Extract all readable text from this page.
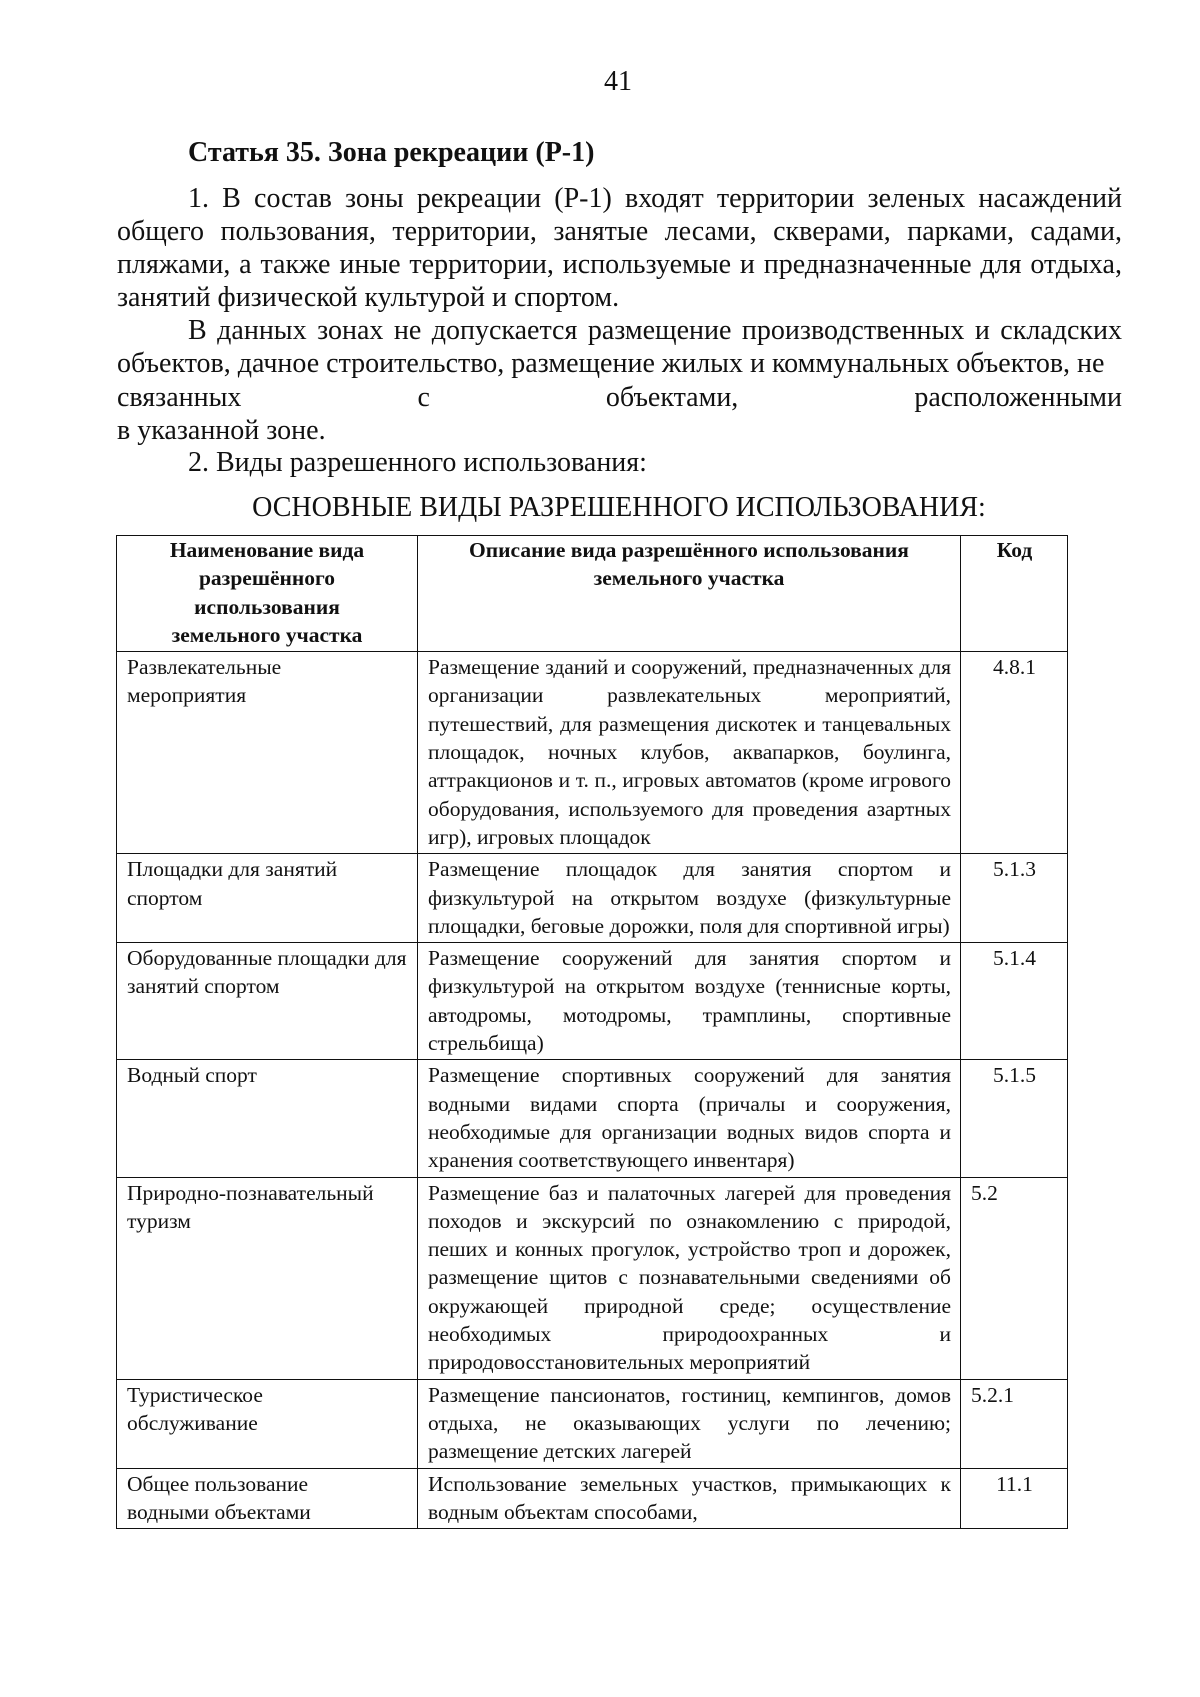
41
Статья 35. Зона рекреации (Р-1)

1. В состав зоны рекреации (Р-1) входят территории зеленых насаждений общего пользования, территории, занятые лесами, скверами, парками, садами, пляжами, а также иные территории, используемые и предназначенные для отдыха, занятий физической культурой и спортом.

В данных зонах не допускается размещение производственных и складских объектов, дачное строительство, размещение жилых и коммунальных объектов, не

связанных	с	объектами,	расположенными

в указанной зоне.

2. Виды разрешенного использования:

ОСНОВНЫЕ ВИДЫ РАЗРЕШЕННОГО ИСПОЛЬЗОВАНИЯ:
Наименование вида разрешённого использования земельного участка	Описание вида разрешённого использования земельного участка	Код
Развлекательные мероприятия	Размещение зданий и сооружений, предназначенных для организации развлекательных мероприятий, путешествий, для размещения дискотек и танцевальных площадок, ночных клубов, аквапарков, боулинга, аттракционов и т. п., игровых автоматов (кроме игрового оборудования, используемого для проведения азартных игр), игровых площадок	4.8.1
Площадки для занятий спортом	Размещение площадок для занятия спортом и физкультурой на открытом воздухе (физкультурные площадки, беговые дорожки, поля для спортивной игры)	5.1.3
Оборудованные площадки для занятий спортом	Размещение сооружений для занятия спортом и физкультурой на открытом воздухе (теннисные корты, автодромы, мотодромы, трамплины, спортивные стрельбища)	5.1.4
Водный спорт	Размещение спортивных сооружений для занятия водными видами спорта (причалы и сооружения, необходимые для организации водных видов спорта и хранения соответствующего инвентаря)	5.1.5
Природно-познавательный туризм	Размещение баз и палаточных лагерей для проведения походов и экскурсий по ознакомлению с природой, пеших и конных прогулок, устройство троп и дорожек, размещение щитов с познавательными сведениями об окружающей природной среде; осуществление необходимых природоохранных и природовосстановительных мероприятий	5.2
Туристическое обслуживание	Размещение пансионатов, гостиниц, кемпингов, домов отдыха, не оказывающих услуги по лечению; размещение детских лагерей	5.2.1
Общее пользование водными объектами	Использование земельных участков, примыкающих к водным объектам способами,	11.1
